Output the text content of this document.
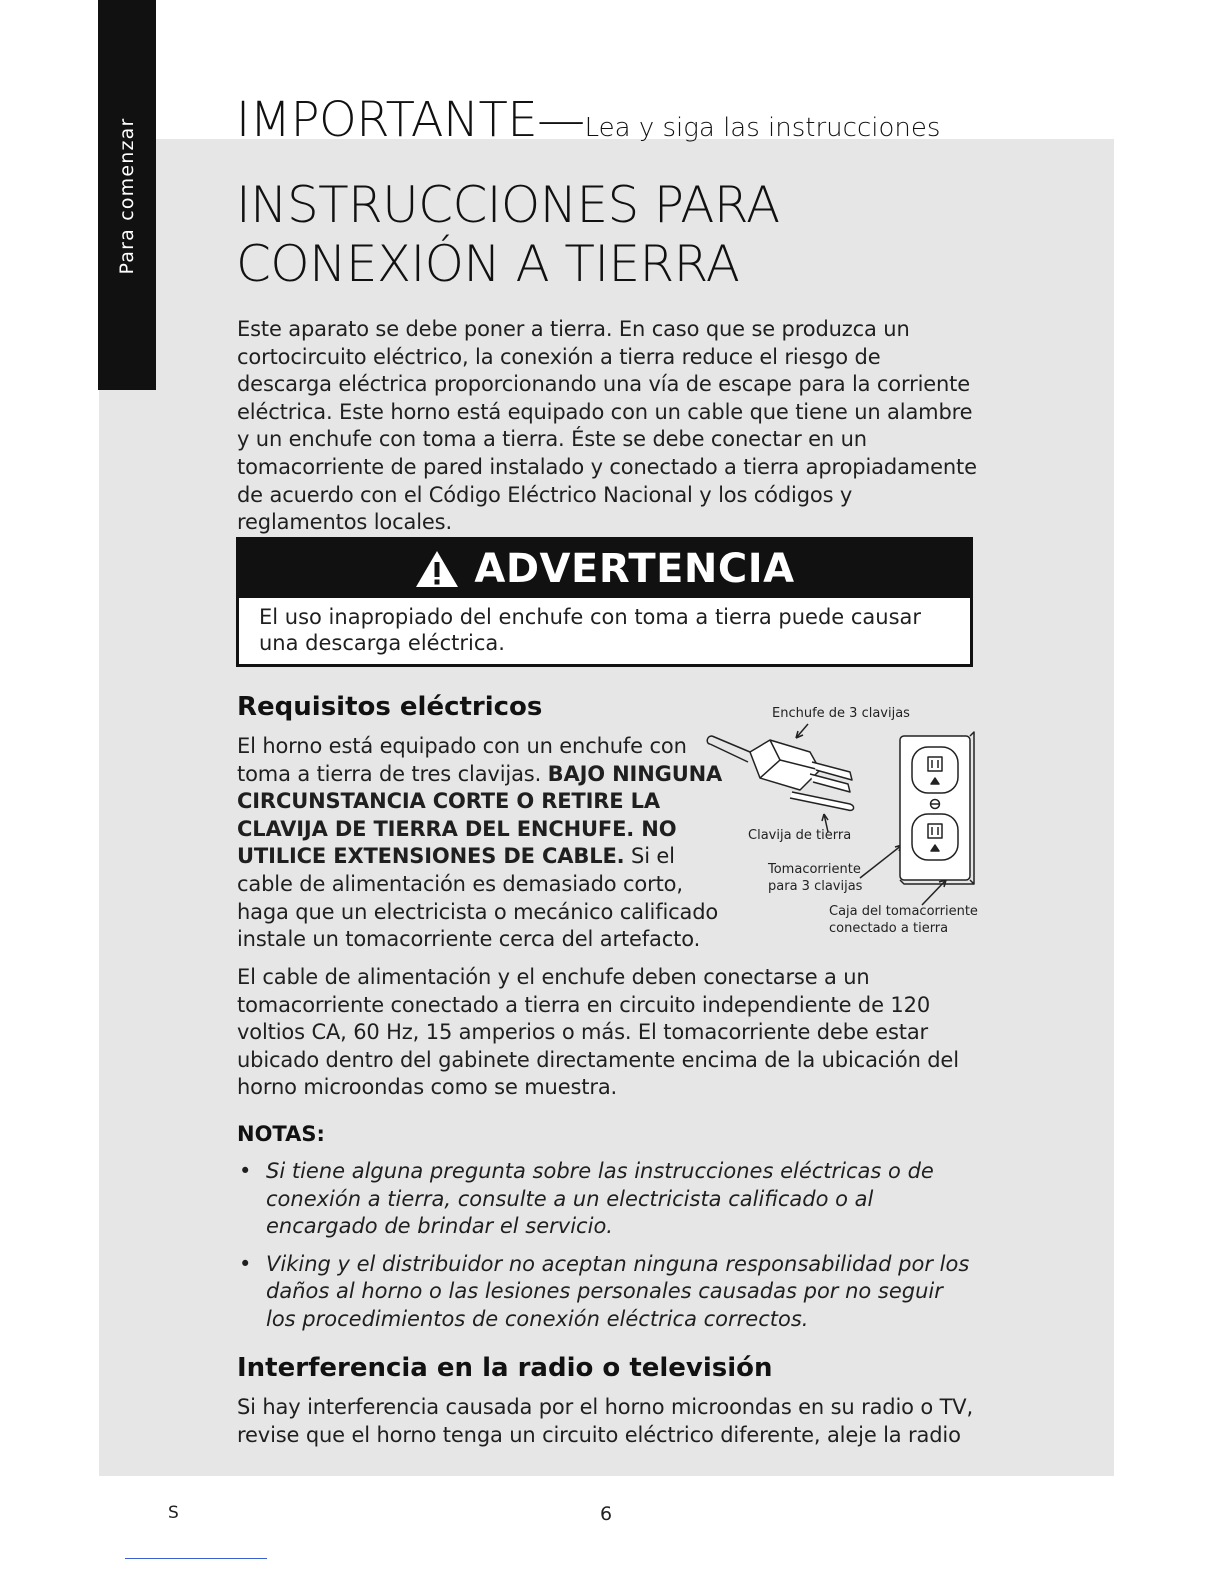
Para comenzar IMPORTANTE—Lea y siga las instrucciones
INSTRUCCIONES PARA
CONEXIÓN A TIERRA
Este aparato se debe poner a tierra. En caso que se produzca un cortocircuito eléctrico, la conexión a tierra reduce el riesgo de descarga eléctrica proporcionando una vía de escape para la corriente eléctrica. Este horno está equipado con un cable que tiene un alambre y un enchufe con toma a tierra. Éste se debe conectar en un tomacorriente de pared instalado y conectado a tierra apropiadamente de acuerdo con el Código Eléctrico Nacional y los códigos y reglamentos locales.
ADVERTENCIA
El uso inapropiado del enchufe con toma a tierra puede causar una descarga eléctrica.
Requisitos eléctricos
El horno está equipado con un enchufe con toma a tierra de tres clavijas. BAJO NINGUNA CIRCUNSTANCIA CORTE O RETIRE LA CLAVIJA DE TIERRA DEL ENCHUFE. NO UTILICE EXTENSIONES DE CABLE. Si el cable de alimentación es demasiado corto, haga que un electricista o mecánico calificado instale un tomacorriente cerca del artefacto.
Enchufe de 3 clavijas
Clavija de tierra
Tomacorriente
para 3 clavijas
Caja del tomacorriente
conectado a tierra
El cable de alimentación y el enchufe deben conectarse a un tomacorriente conectado a tierra en circuito independiente de 120 voltios CA, 60 Hz, 15 amperios o más. El tomacorriente debe estar ubicado dentro del gabinete directamente encima de la ubicación del horno microondas como se muestra.
NOTAS:
• Si tiene alguna pregunta sobre las instrucciones eléctricas o de conexión a tierra, consulte a un electricista calificado o al encargado de brindar el servicio.
• Viking y el distribuidor no aceptan ninguna responsabilidad por los daños al horno o las lesiones personales causadas por no seguir los procedimientos de conexión eléctrica correctos.
Interferencia en la radio o televisión
Si hay interferencia causada por el horno microondas en su radio o TV, revise que el horno tenga un circuito eléctrico diferente, aleje la radio
S	6
